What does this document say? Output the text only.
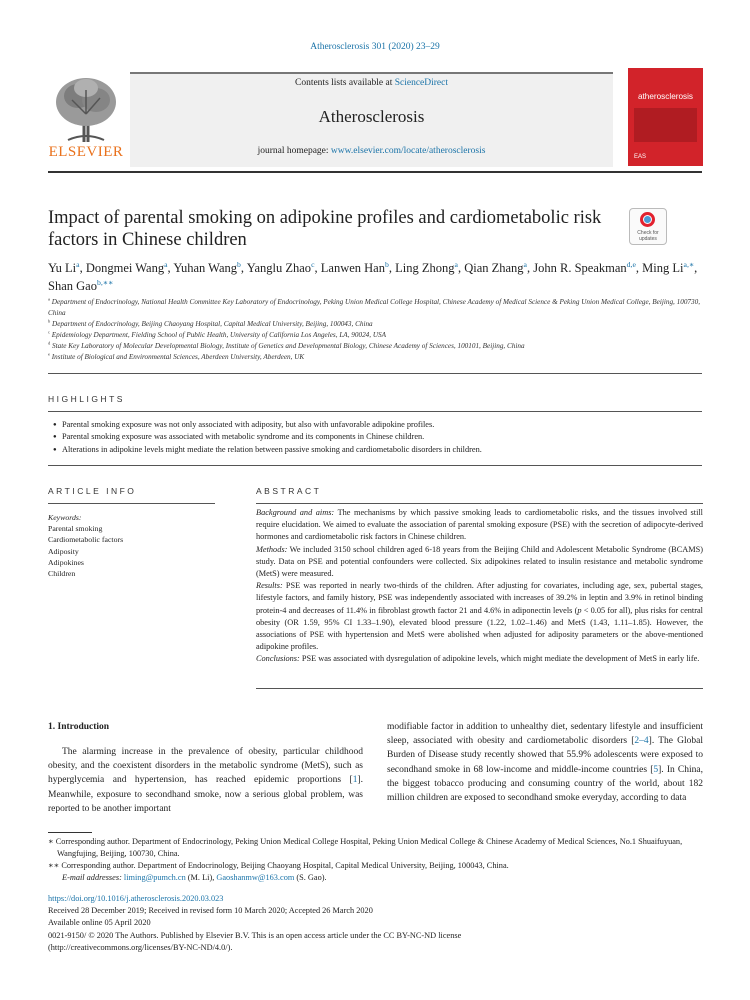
Atherosclerosis 301 (2020) 23–29
ELSEVIER
Contents lists available at ScienceDirect
Atherosclerosis
journal homepage: www.elsevier.com/locate/atherosclerosis
atherosclerosis
EAS
Impact of parental smoking on adipokine profiles and cardiometabolic risk factors in Chinese children	Check for updates
Yu Li$^a$, Dongmei Wang$^a$, Yuhan Wang$^b$, Yanglu Zhao$^c$, Lanwen Han$^b$, Ling Zhong$^a$, Qian Zhang$^a$, John R. Speakman$^{d,e}$, Ming $Li^{a,∗}$, Shan Gao$^{b,∗∗}$
$^a$ Department of Endocrinology, National Health Committee Key Laboratory of Endocrinology, Peking Union Medical College Hospital, Chinese Academy of Medical Science & Peking Union Medical College, Beijing, 100730, China
$^b$ Department of Endocrinology, Beijing Chaoyang Hospital, Capital Medical University, Beijing, 100043, China
$^c$ Epidemiology Department, Fielding School of Public Health, University of California Los Angeles, LA, 90024, USA
$^d$ State Key Laboratory of Molecular Developmental Biology, Institute of Genetics and Developmental Biology, Chinese Academy of Sciences, 100101, Beijing, China
$^e$ Institute of Biological and Environmental Sciences, Aberdeen University, Aberdeen, UK
HIGHLIGHTS
● Parental smoking exposure was not only associated with adiposity, but also with unfavorable adipokine profiles.
● Parental smoking exposure was associated with metabolic syndrome and its components in Chinese children.
● Alterations in adipokine levels might mediate the relation between passive smoking and cardiometabolic disorders in children.
ARTICLE INFO	ABSTRACT
Keywords:
Parental smoking
Cardiometabolic factors
Adiposity
Adipokines
Children

Background and aims: The mechanisms by which passive smoking leads to cardiometabolic risks, and the tissues involved still require elucidation. We aimed to evaluate the association of parental smoking exposure (PSE) with the secretion of adipocyte-derived hormones and cardiometabolic risk factors in Chinese children.

Methods: We included 3150 school children aged 6-18 years from the Beijing Child and Adolescent Metabolic Syndrome (BCAMS) study. Data on PSE and potential confounders were collected. Six adipokines related to insulin resistance and metabolic syndrome (MetS) were measured.

Results: PSE was reported in nearly two-thirds of the children. After adjusting for covariates, including age, sex, pubertal stages, lifestyle factors, and family history, PSE was independently associated with increases of 39.2% in leptin and 3.9% in retinol binding protein-4 and decreases of 11.4% in fibroblast growth factor 21 and 4.6% in adiponectin levels (p < 0.05 for all), plus risks for central obesity (OR 1.59, 95% CI 1.33–1.90), elevated blood pressure (1.22, 1.02–1.46) and MetS (1.43, 1.11–1.85). However, the associations of PSE with hypertension and MetS were abolished when adjusted for adiposity parameters or the above-mentioned adipokine profiles.

Conclusions: PSE was associated with dysregulation of adipokine levels, which might mediate the development of MetS in early life.

1. Introduction
The alarming increase in the prevalence of obesity, particular childhood obesity, and the coexistent disorders in the metabolic syndrome (MetS), such as hyperglycemia and hypertension, has reached epidemic proportions [1]. Meanwhile, exposure to secondhand smoke, now a serious global problem, was reported to be another important
modifiable factor in addition to unhealthy diet, sedentary lifestyle and insufficient sleep, associated with obesity and cardiometabolic disorders [2–4]. The Global Burden of Disease study recently showed that 55.9% adolescents were exposed to secondhand smoke in 68 low-income and middle-income countries [5]. In China, the biggest tobacco producing and consuming country of the world, about 182 million children are exposed to secondhand smoke everyday, according to data
∗ Corresponding author. Department of Endocrinology, Peking Union Medical College Hospital, Peking Union Medical College & Chinese Academy of Medical Sciences, No.1 Shuaifuyuan, Wangfujing, Beijing, 100730, China.
∗∗ Corresponding author. Department of Endocrinology, Beijing Chaoyang Hospital, Capital Medical University, Beijing, 100043, China.
E-mail addresses: liming@pumch.cn (M. Li), Gaoshanmw@163.com (S. Gao).
https://doi.org/10.1016/j.atherosclerosis.2020.03.023
Received 28 December 2019; Received in revised form 10 March 2020; Accepted 26 March 2020
Available online 05 April 2020
0021-9150/ © 2020 The Authors. Published by Elsevier B.V. This is an open access article under the CC BY-NC-ND license
(http://creativecommons.org/licenses/BY-NC-ND/4.0/).
